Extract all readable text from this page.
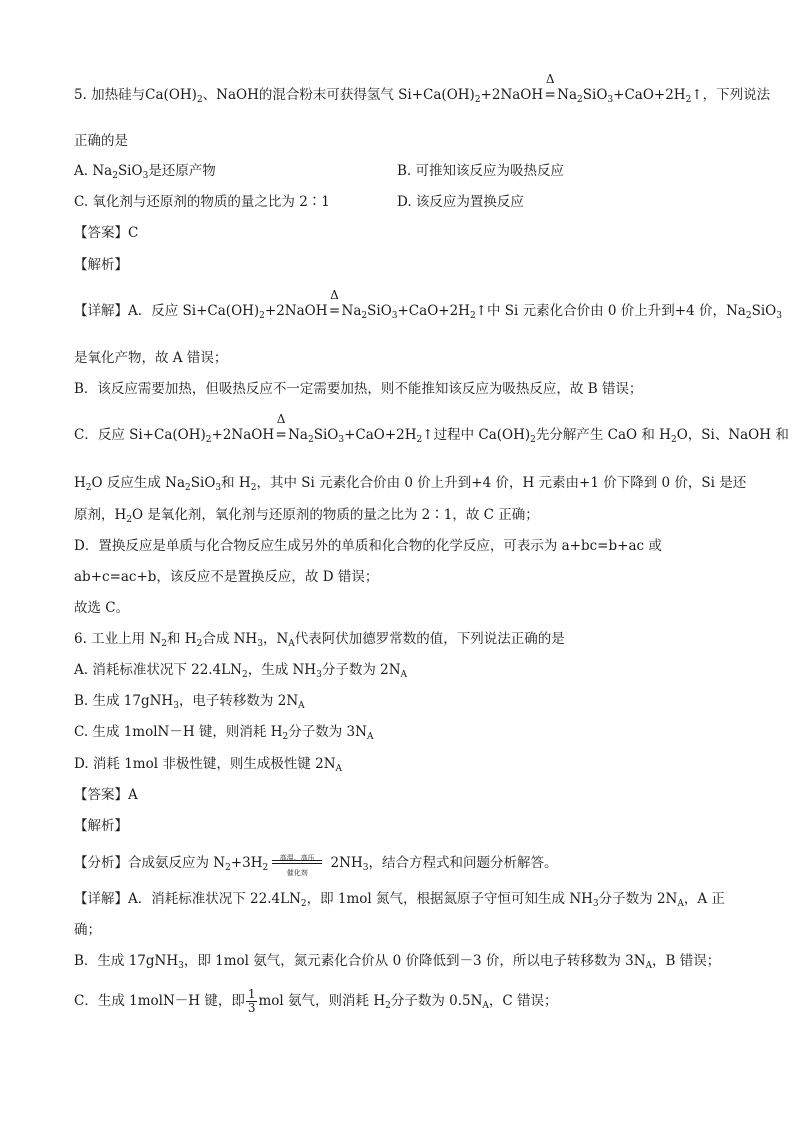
5. 加热硅与$Ca(OH)_2$、NaOH的混合粉末可获得氢气 $Si+Ca(OH)_2+2NaOH$
Δ
$=Na_2SiO_3+CaO+2H_2↑$，下列说法
正确的是
A. $Na_2SiO_3$是还原产物	B. 可推知该反应为吸热反应
C. 氧化剂与还原剂的物质的量之比为 2∶1	D. 该反应为置换反应
【答案】C
【解析】
【详解】A．反应 $Si+Ca(OH)_2+2NaOH$
Δ
$=Na_2SiO_3+CaO+2H_2↑$中 Si 元素化合价由 0 价上升到+4 价，$Na_2SiO_3$
是氧化产物，故 A 错误；
B．该反应需要加热，但吸热反应不一定需要加热，则不能推知该反应为吸热反应，故 B 错误；
C．反应 $Si+Ca(OH)_2+2NaOH$
Δ
$=Na_2SiO_3+CaO+2H_2↑$过程中 $Ca(OH)_2$先分解产生 CaO 和 $H_2O$，Si、NaOH 和
$H_2O$ 反应生成 $Na_2SiO_3$和 $H_2$，其中 Si 元素化合价由 0 价上升到+4 价，H 元素由+1 价下降到 0 价，Si 是还
原剂，$H_2O$ 是氧化剂，氧化剂与还原剂的物质的量之比为 2∶1，故 C 正确；
D．置换反应是单质与化合物反应生成另外的单质和化合物的化学反应，可表示为 a+bc=b+ac 或
ab+c=ac+b，该反应不是置换反应，故 D 错误；
故选 C。
6. 工业上用 $N_2$和 $H_2$合成 $NH_3$，$N_A$代表阿伏加德罗常数的值，下列说法正确的是
A. 消耗标准状况下 $22.4LN_2$，生成 $NH_3$分子数为 $2N_A$
B. 生成 17gNH$_3$，电子转移数为 $2N_A$
C. 生成 1molN－H 键，则消耗 $H_2$分子数为 $3N_A$
D. 消耗 1mol 非极性键，则生成极性键 $2N_A$
【答案】A
【解析】
【分析】合成氨反应为 $N_2+3H_2$
高温、高压
催化剂
$2NH_3$，结合方程式和问题分析解答。
【详解】A．消耗标准状况下 $22.4LN_2$，即 1mol 氮气，根据氮原子守恒可知生成 $NH_3$分子数为 $2N_A$，A 正
确；
B．生成 17gNH$_3$，即 1mol 氨气，氮元素化合价从 0 价降低到－3 价，所以电子转移数为 $3N_A$，B 错误；
C．生成 1molN－H 键，即 $\frac{1}{3}$ mol 氨气，则消耗 $H_2$分子数为 $0.5N_A$，C 错误；
